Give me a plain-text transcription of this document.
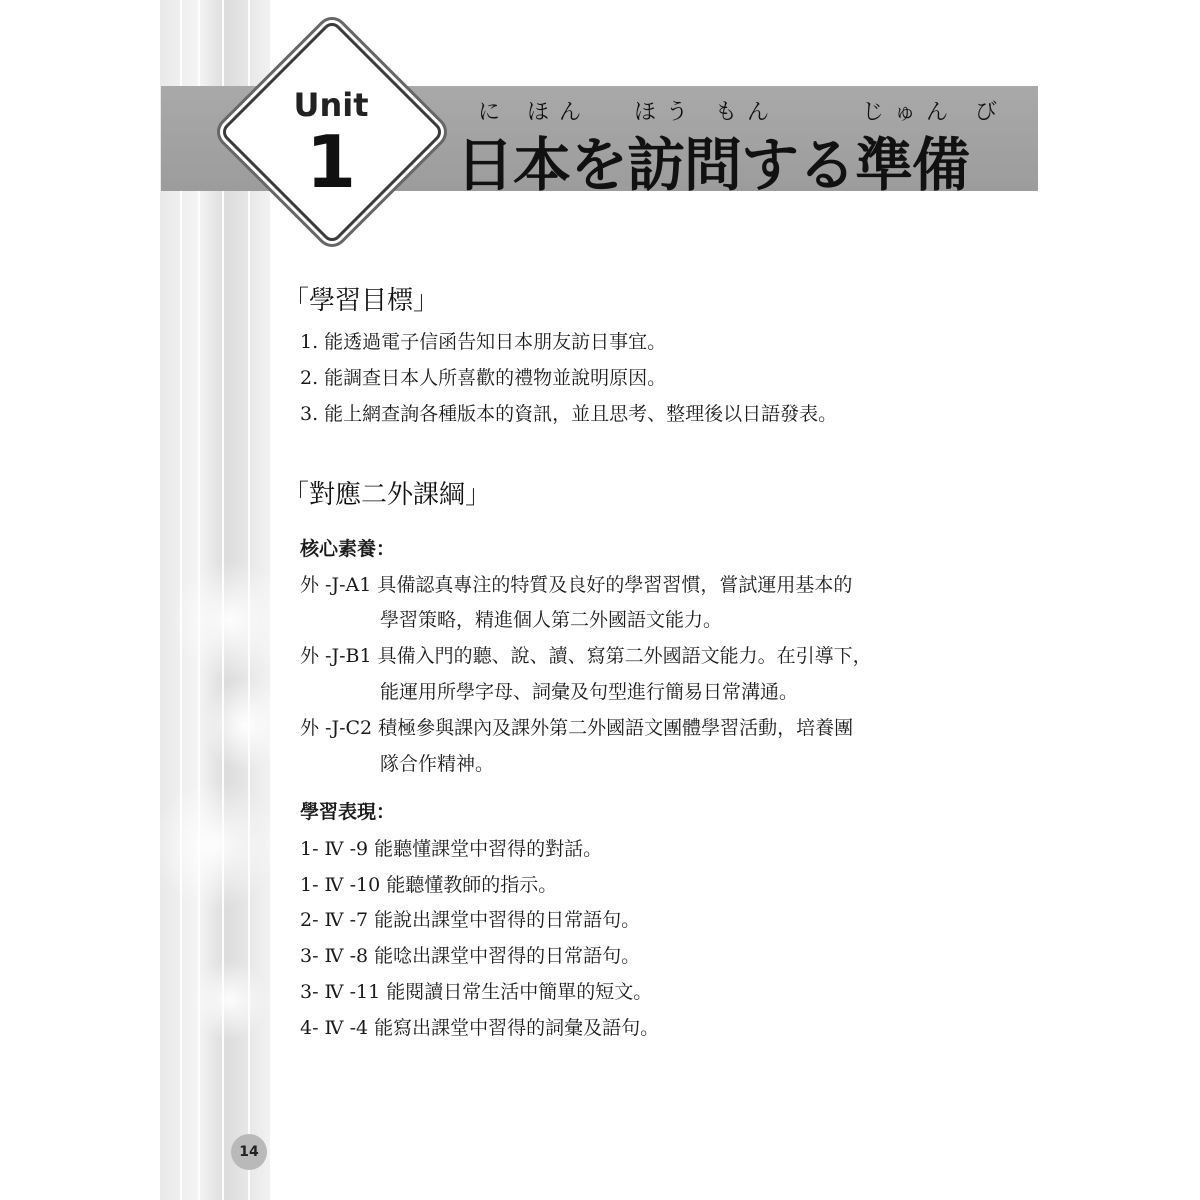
Unit
1
に ほん ほう もん	じゅん び
日本を訪問する準備
「學習目標」
1. 能透過電子信函告知日本朋友訪日事宜。
2. 能調查日本人所喜歡的禮物並說明原因。
3. 能上網查詢各種版本的資訊，並且思考、整理後以日語發表。
「對應二外課綱」
核心素養：
外 -J-A1 具備認真專注的特質及良好的學習習慣，嘗試運用基本的
學習策略，精進個人第二外國語文能力。
外 -J-B1 具備入門的聽、說、讀、寫第二外國語文能力。在引導下，
能運用所學字母、詞彙及句型進行簡易日常溝通。
外 -J-C2 積極參與課內及課外第二外國語文團體學習活動，培養團
隊合作精神。
學習表現：
1- Ⅳ -9 能聽懂課堂中習得的對話。
1- Ⅳ -10 能聽懂教師的指示。
2- Ⅳ -7 能說出課堂中習得的日常語句。
3- Ⅳ -8 能唸出課堂中習得的日常語句。
3- Ⅳ -11 能閱讀日常生活中簡單的短文。
4- Ⅳ -4 能寫出課堂中習得的詞彙及語句。
14
